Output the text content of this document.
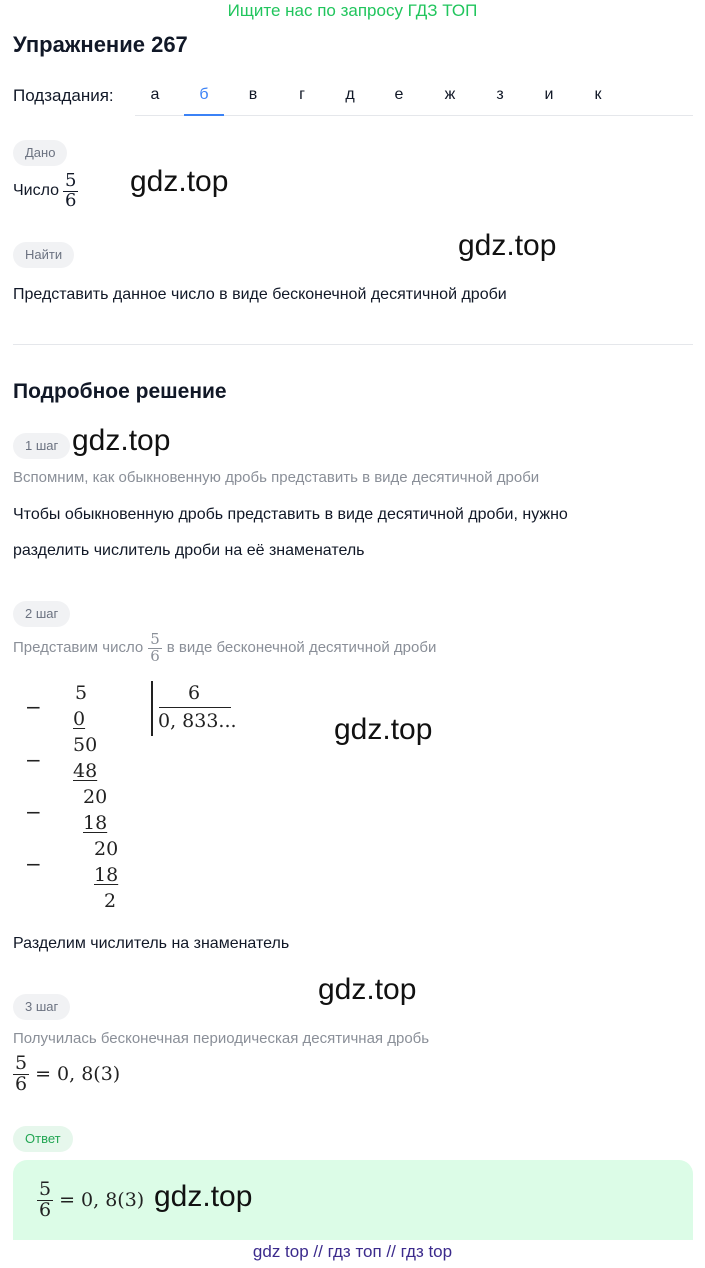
Ищите нас по запросу ГДЗ ТОП
Упражнение 267
Подзадания:	а	б	в	г	д	е	ж	з	и	к
Дано
Число $\frac{5}{6} gdz.top$
Найти	gdz.top
Представить данное число в виде бесконечной десятичной дроби
Подробное решение
1 шаг gdz.top
Вспомним, как обыкновенную дробь представить в виде десятичной дроби
Чтобы обыкновенную дробь представить в виде десятичной дроби, нужно
разделить числитель дроби на её знаменатель
2 шаг
Представим число $\frac{5}{6}$ в виде бесконечной десятичной дроби
−
5
0
−
50
48
−
20
18
−
20
18
2
6
0, 833...	gdz.top
Разделим числитель на знаменатель
3 шаг
gdz.top
Получилась бесконечная периодическая десятичная дробь
$\frac{5}{6} = 0$, 8(3)
Ответ
$\frac{5}{6} = 0$, 8(3) gdz.top
gdz top // гдз топ // гдз top
